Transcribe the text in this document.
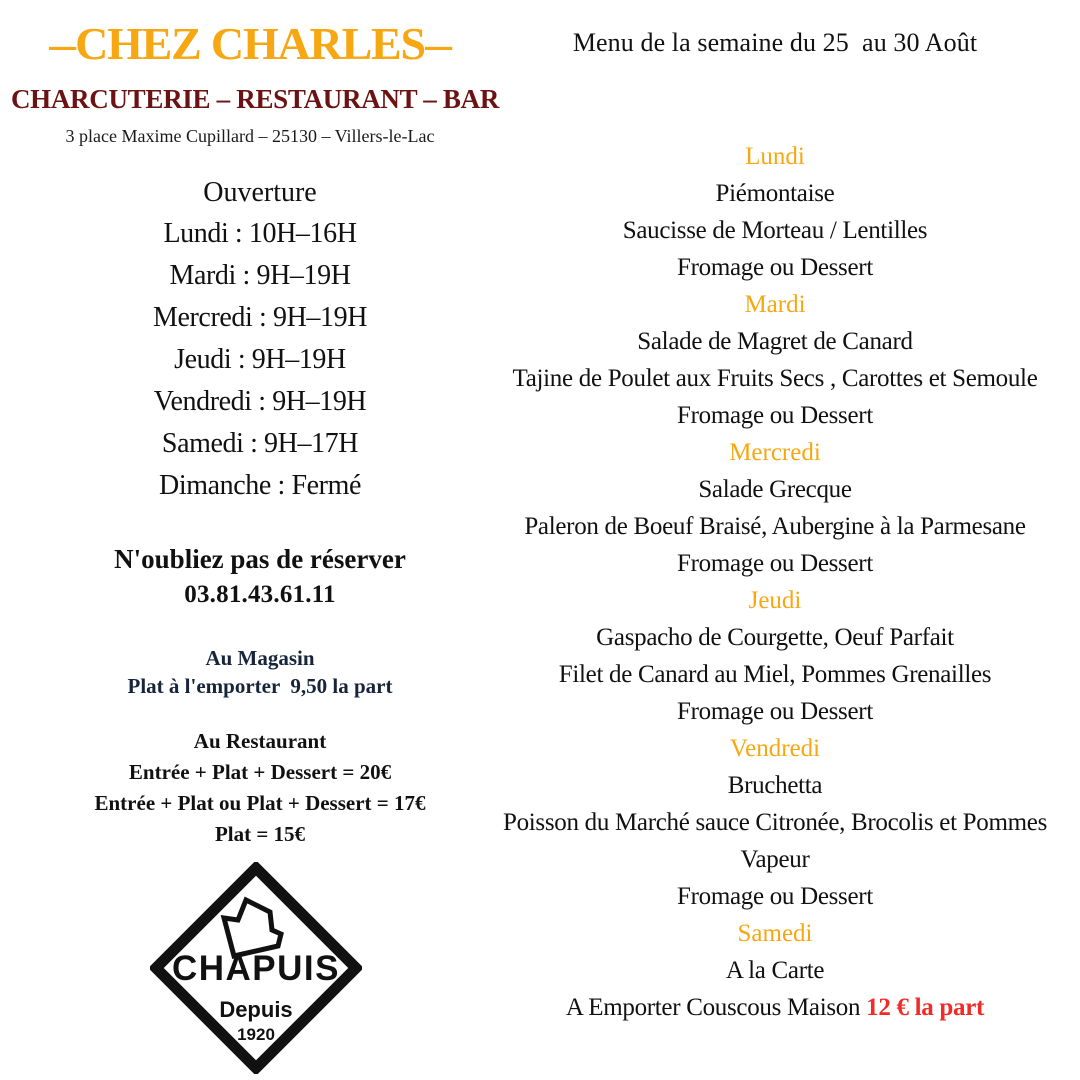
–CHEZ CHARLES–
CHARCUTERIE – RESTAURANT – BAR
3 place Maxime Cupillard – 25130 – Villers-le-Lac
Ouverture
Lundi : 10H–16H
Mardi : 9H–19H
Mercredi : 9H–19H
Jeudi : 9H–19H
Vendredi : 9H–19H
Samedi : 9H–17H
Dimanche : Fermé
N'oubliez pas de réserver
03.81.43.61.11
Au Magasin
Plat à l'emporter  9,50 la part
Au Restaurant
Entrée + Plat + Dessert = 20€
Entrée + Plat ou Plat + Dessert = 17€
Plat = 15€
CHAPUIS
Depuis
1920
Menu de la semaine du 25  au 30 Août
Lundi
Piémontaise
Saucisse de Morteau / Lentilles
Fromage ou Dessert
Mardi
Salade de Magret de Canard
Tajine de Poulet aux Fruits Secs , Carottes et Semoule
Fromage ou Dessert
Mercredi
Salade Grecque
Paleron de Boeuf Braisé, Aubergine à la Parmesane
Fromage ou Dessert
Jeudi
Gaspacho de Courgette, Oeuf Parfait
Filet de Canard au Miel, Pommes Grenailles
Fromage ou Dessert
Vendredi
Bruchetta
Poisson du Marché sauce Citronée, Brocolis et Pommes
Vapeur
Fromage ou Dessert
Samedi
A la Carte
A Emporter Couscous Maison 12 € la part
